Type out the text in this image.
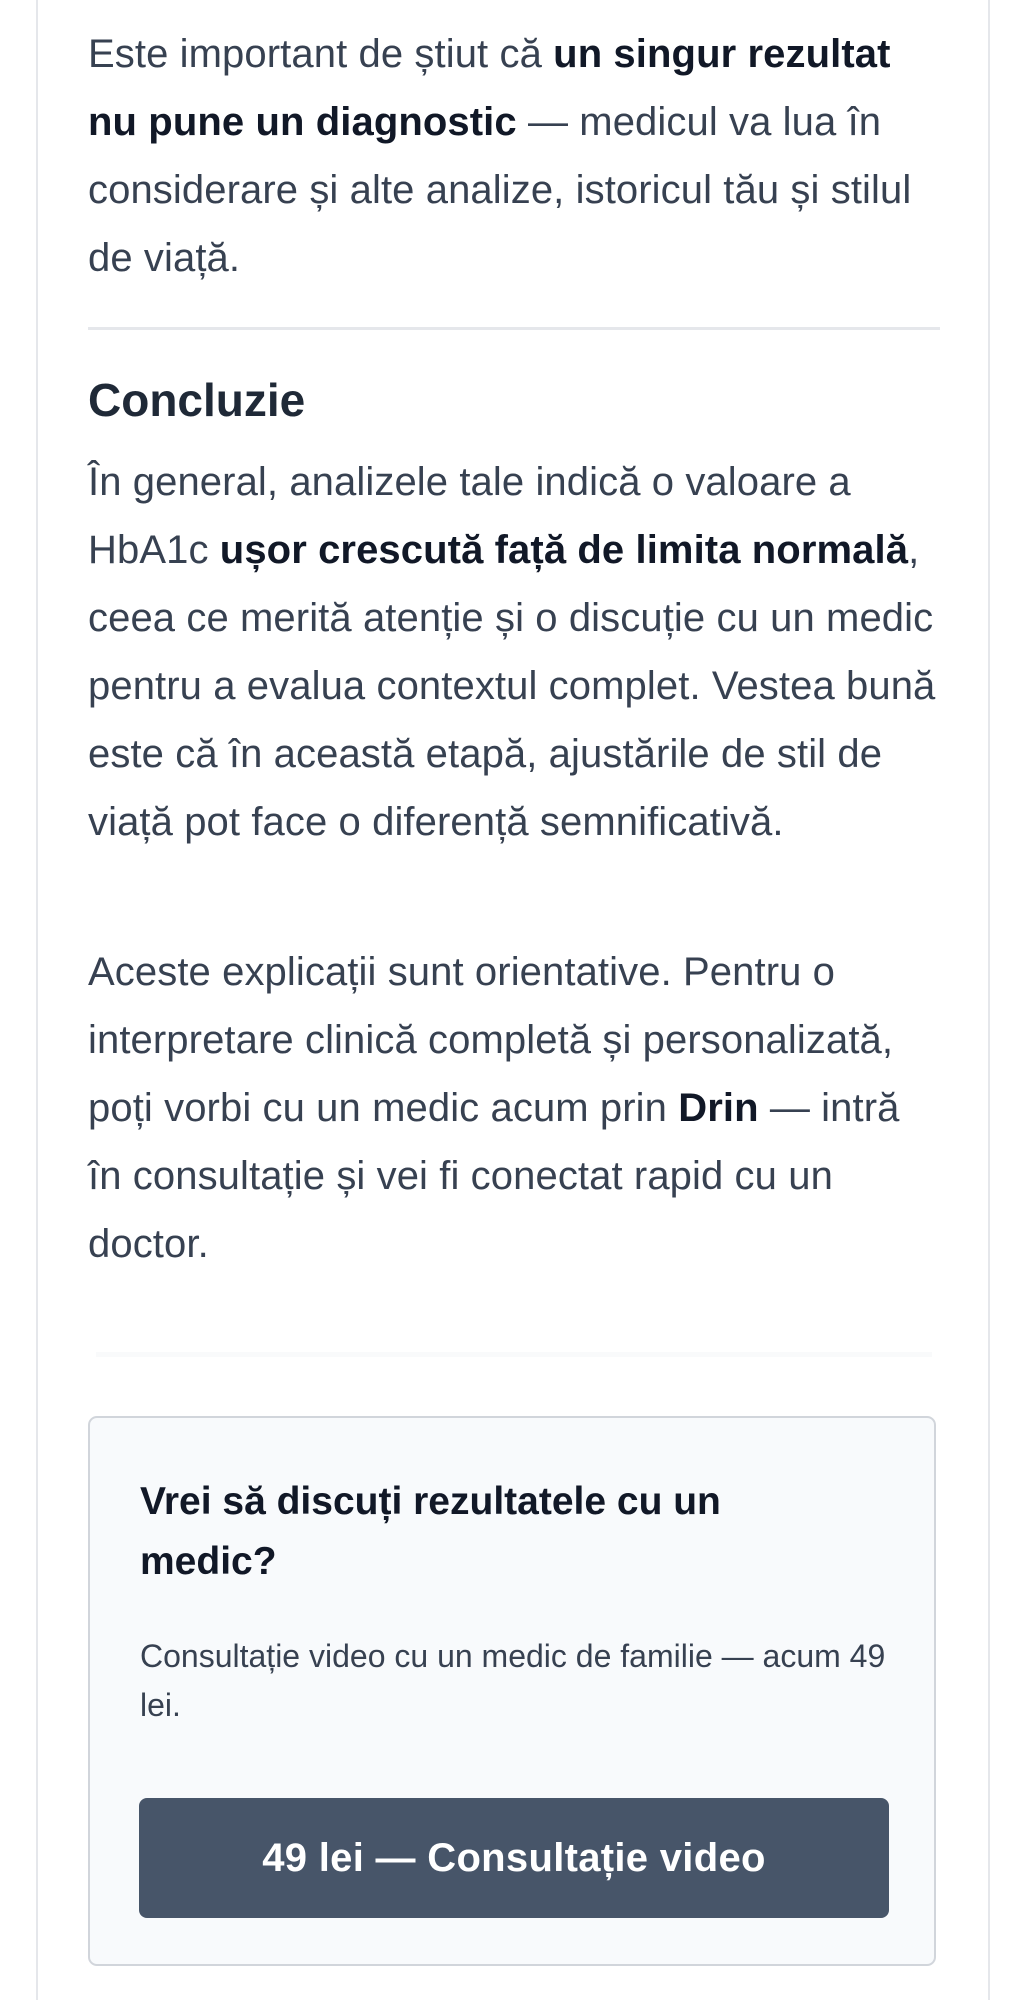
Este important de știut că un singur rezultat nu pune un diagnostic — medicul va lua în considerare și alte analize, istoricul tău și stilul de viață.

Concluzie

În general, analizele tale indică o valoare a HbA1c ușor crescută față de limita normală, ceea ce merită atenție și o discuție cu un medic pentru a evalua contextul complet. Vestea bună este că în această etapă, ajustările de stil de viață pot face o diferență semnificativă.

Aceste explicații sunt orientative. Pentru o interpretare clinică completă și personalizată, poți vorbi cu un medic acum prin Drin — intră în consultație și vei fi conectat rapid cu un doctor.

Vrei să discuți rezultatele cu un medic?

Consultație video cu un medic de familie — acum 49 lei.

49 lei — Consultație video
